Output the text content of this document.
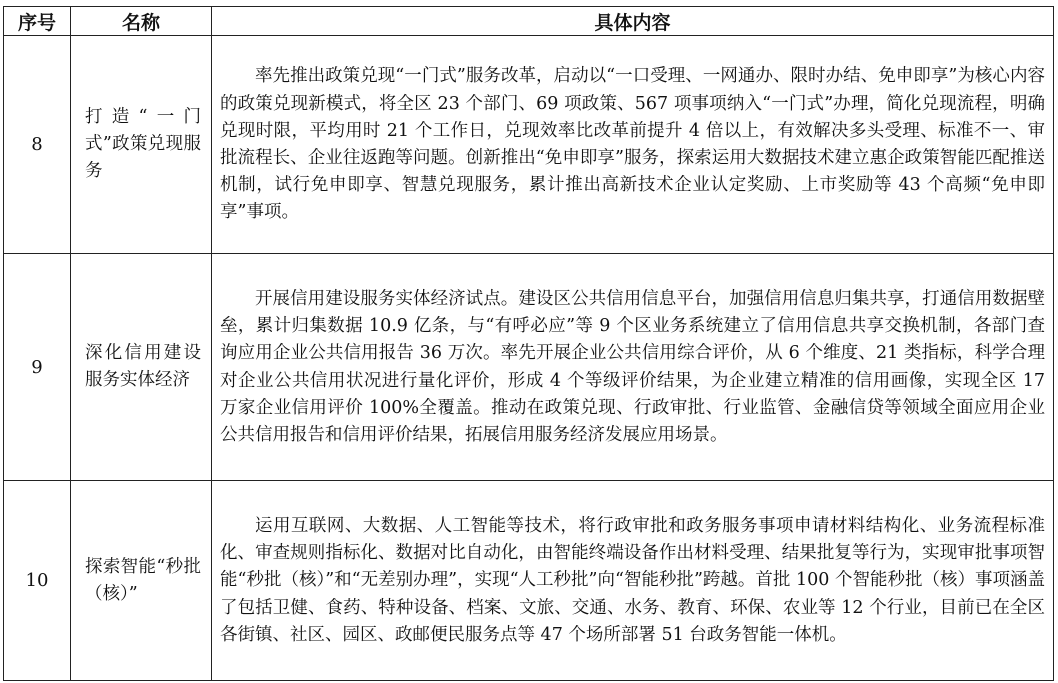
序号	名称	具体内容
8	打造“一门式”政策兑现服务	率先推出政策兑现“一门式”服务改革，启动以“一口受理、一网通办、限时办结、免申即享”为核心内容的政策兑现新模式，将全区 23 个部门、69 项政策、567 项事项纳入“一门式”办理，简化兑现流程，明确兑现时限，平均用时 21 个工作日，兑现效率比改革前提升 4 倍以上，有效解决多头受理、标准不一、审批流程长、企业往返跑等问题。创新推出“免申即享”服务，探索运用大数据技术建立惠企政策智能匹配推送机制，试行免申即享、智慧兑现服务，累计推出高新技术企业认定奖励、上市奖励等 43 个高频“免申即享”事项。
9	深化信用建设服务实体经济	开展信用建设服务实体经济试点。建设区公共信用信息平台，加强信用信息归集共享，打通信用数据壁垒，累计归集数据 10.9 亿条，与“有呼必应”等 9 个区业务系统建立了信用信息共享交换机制，各部门查询应用企业公共信用报告 36 万次。率先开展企业公共信用综合评价，从 6 个维度、21 类指标，科学合理对企业公共信用状况进行量化评价，形成 4 个等级评价结果，为企业建立精准的信用画像，实现全区 17 万家企业信用评价 100%全覆盖。推动在政策兑现、行政审批、行业监管、金融信贷等领域全面应用企业公共信用报告和信用评价结果，拓展信用服务经济发展应用场景。
10	探索智能“秒批（核）”	运用互联网、大数据、人工智能等技术，将行政审批和政务服务事项申请材料结构化、业务流程标准化、审查规则指标化、数据对比自动化，由智能终端设备作出材料受理、结果批复等行为，实现审批事项智能“秒批（核）”和“无差别办理”，实现“人工秒批”向“智能秒批”跨越。首批 100 个智能秒批（核）事项涵盖了包括卫健、食药、特种设备、档案、文旅、交通、水务、教育、环保、农业等 12 个行业，目前已在全区各街镇、社区、园区、政邮便民服务点等 47 个场所部署 51 台政务智能一体机。
